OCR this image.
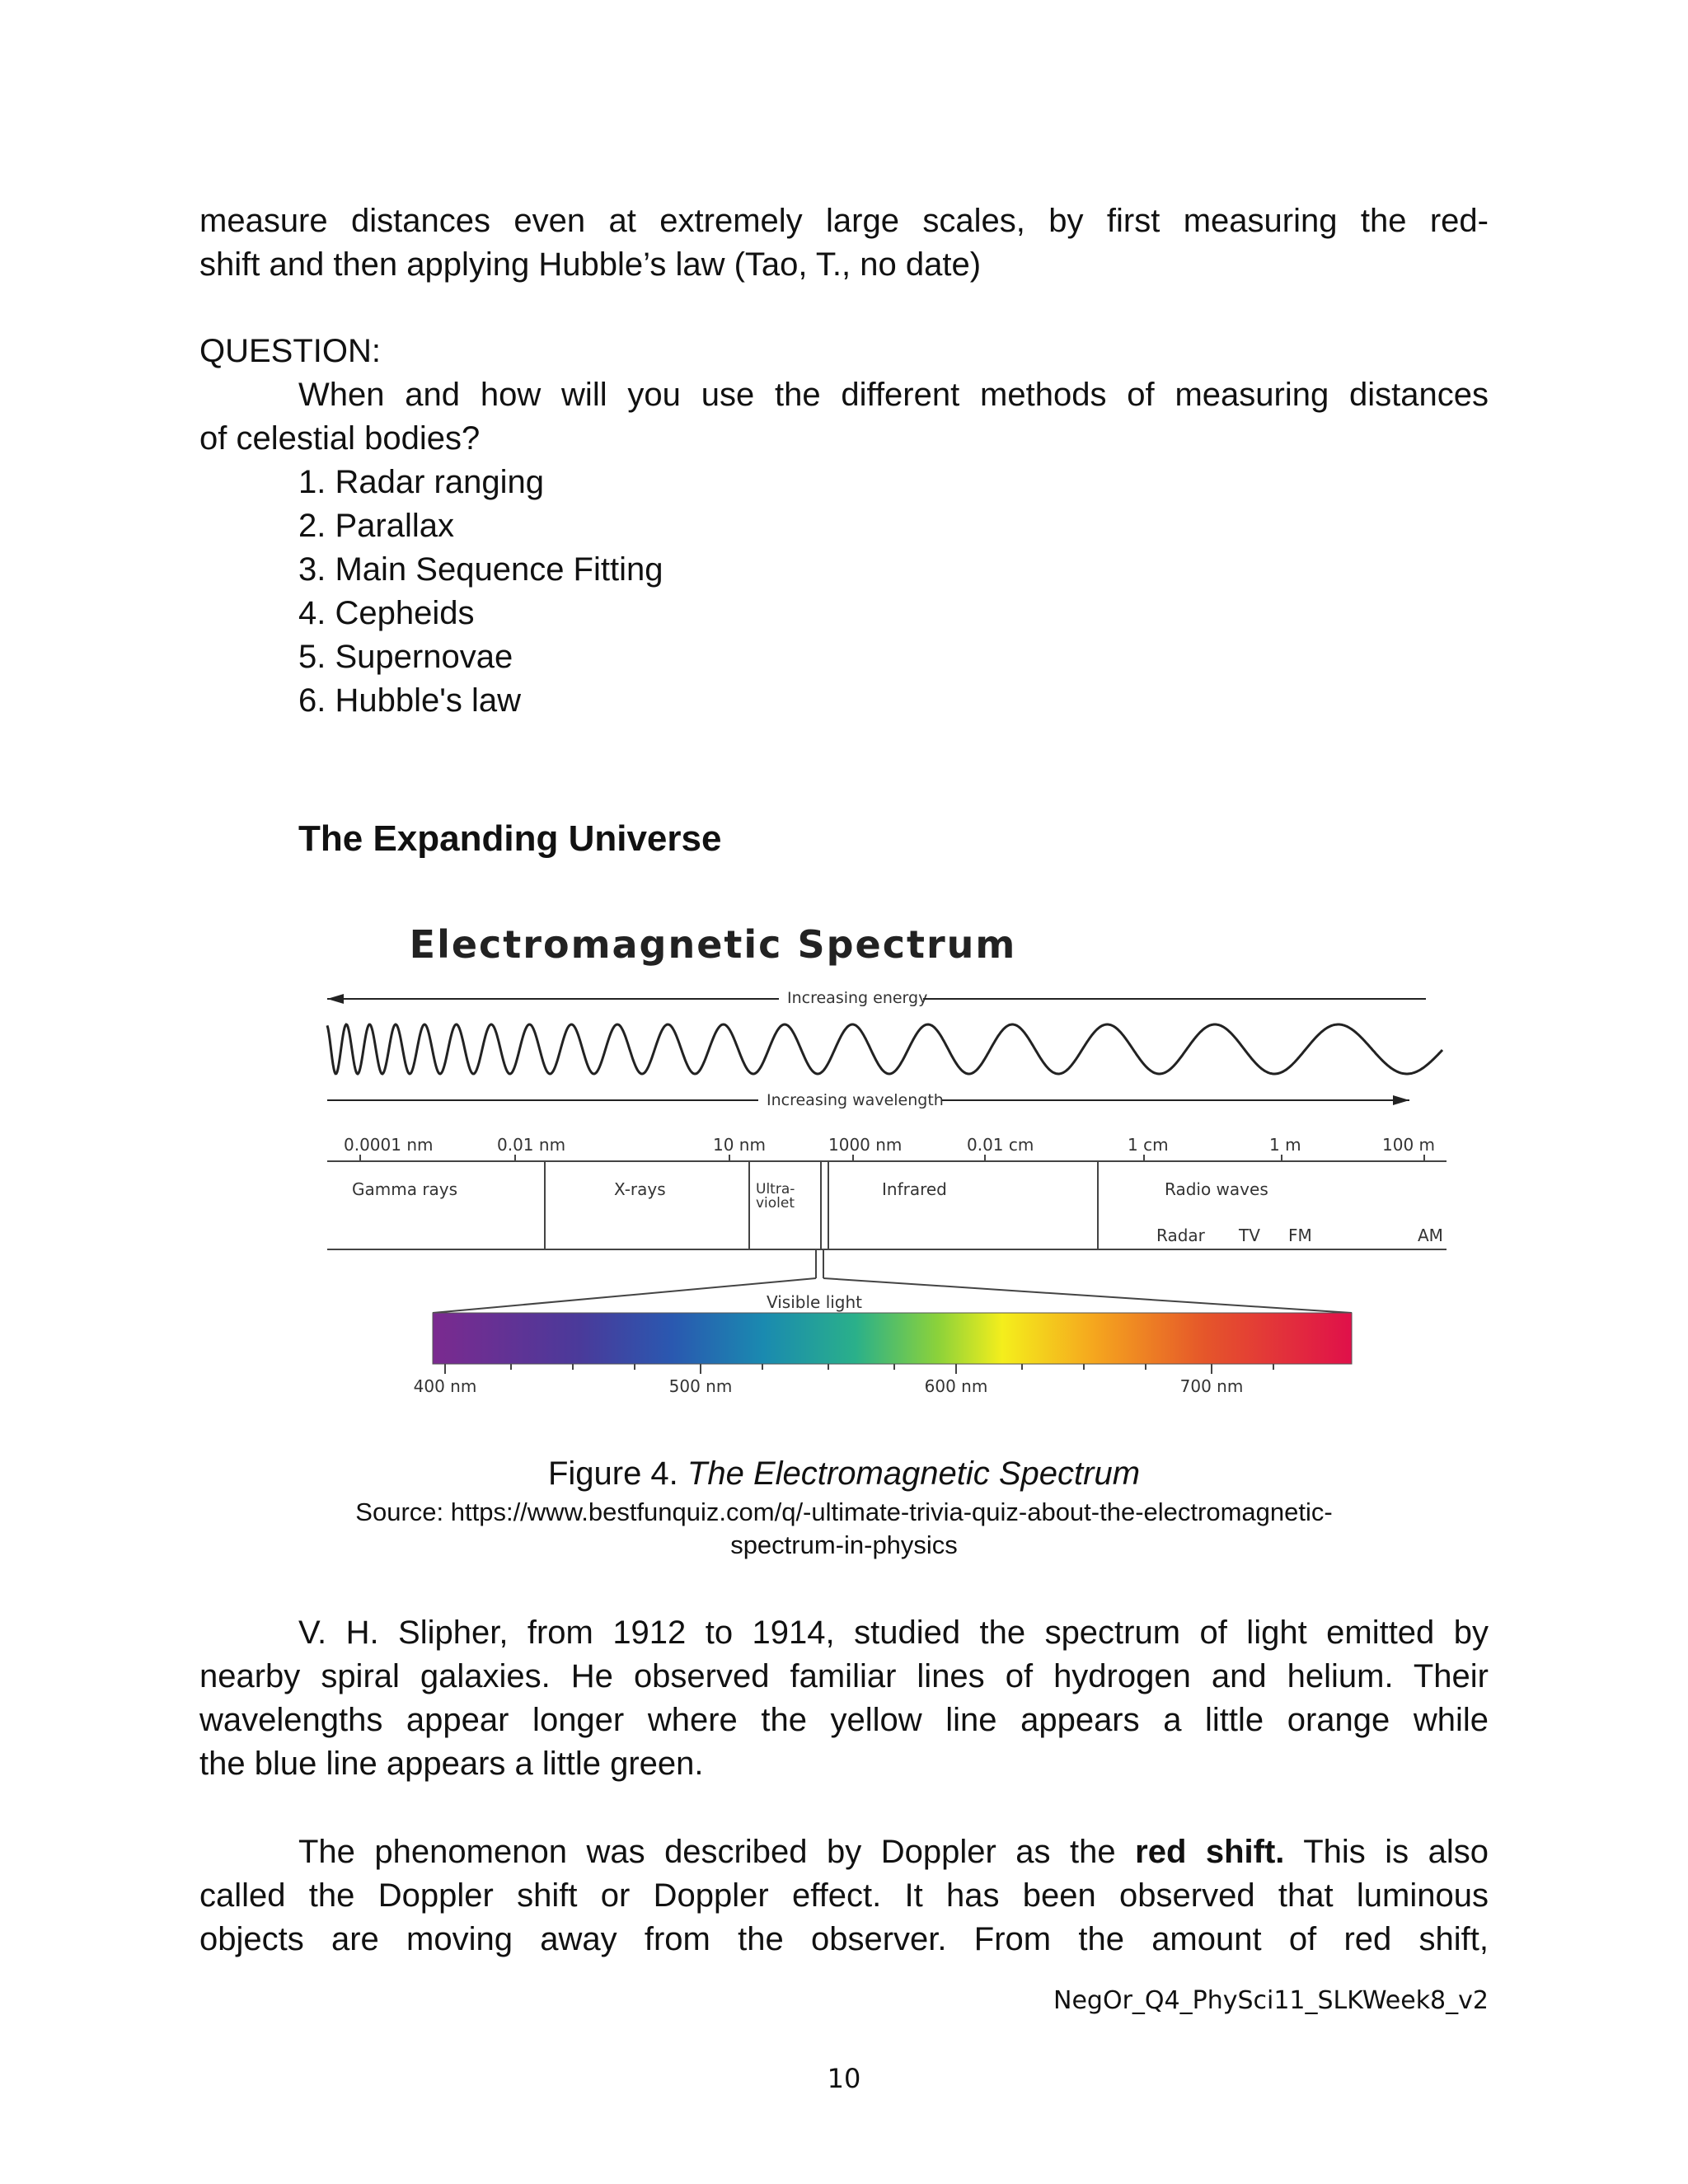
measure distances even at extremely large scales, by first measuring the red-
shift and then applying Hubble’s law (Tao, T., no date)
QUESTION:
When and how will you use the different methods of measuring distances
of celestial bodies?
1. Radar ranging
2. Parallax
3. Main Sequence Fitting
4. Cepheids
5. Supernovae
6. Hubble's law
The Expanding Universe
Electromagnetic Spectrum
Increasing energy
Increasing wavelength
0.0001 nm	0.01 nm	10 nm	1000 nm	0.01 cm	1 cm	1 m	100 m
Gamma rays	X-rays	Ultra-
violet
Infrared	Radio waves
Radar TV FM	AM
Visible light
400 nm	500 nm	600 nm	700 nm
Figure 4. The Electromagnetic Spectrum
Source: https://www.bestfunquiz.com/q/-ultimate-trivia-quiz-about-the-electromagnetic-
spectrum-in-physics
V. H. Slipher, from 1912 to 1914, studied the spectrum of light emitted by
nearby spiral galaxies. He observed familiar lines of hydrogen and helium. Their
wavelengths appear longer where the yellow line appears a little orange while
the blue line appears a little green.
The phenomenon was described by Doppler as the red shift. This is also
called the Doppler shift or Doppler effect. It has been observed that luminous
objects are moving away from the observer. From the amount of red shift,
NegOr_Q4_PhySci11_SLKWeek8_v2
10
